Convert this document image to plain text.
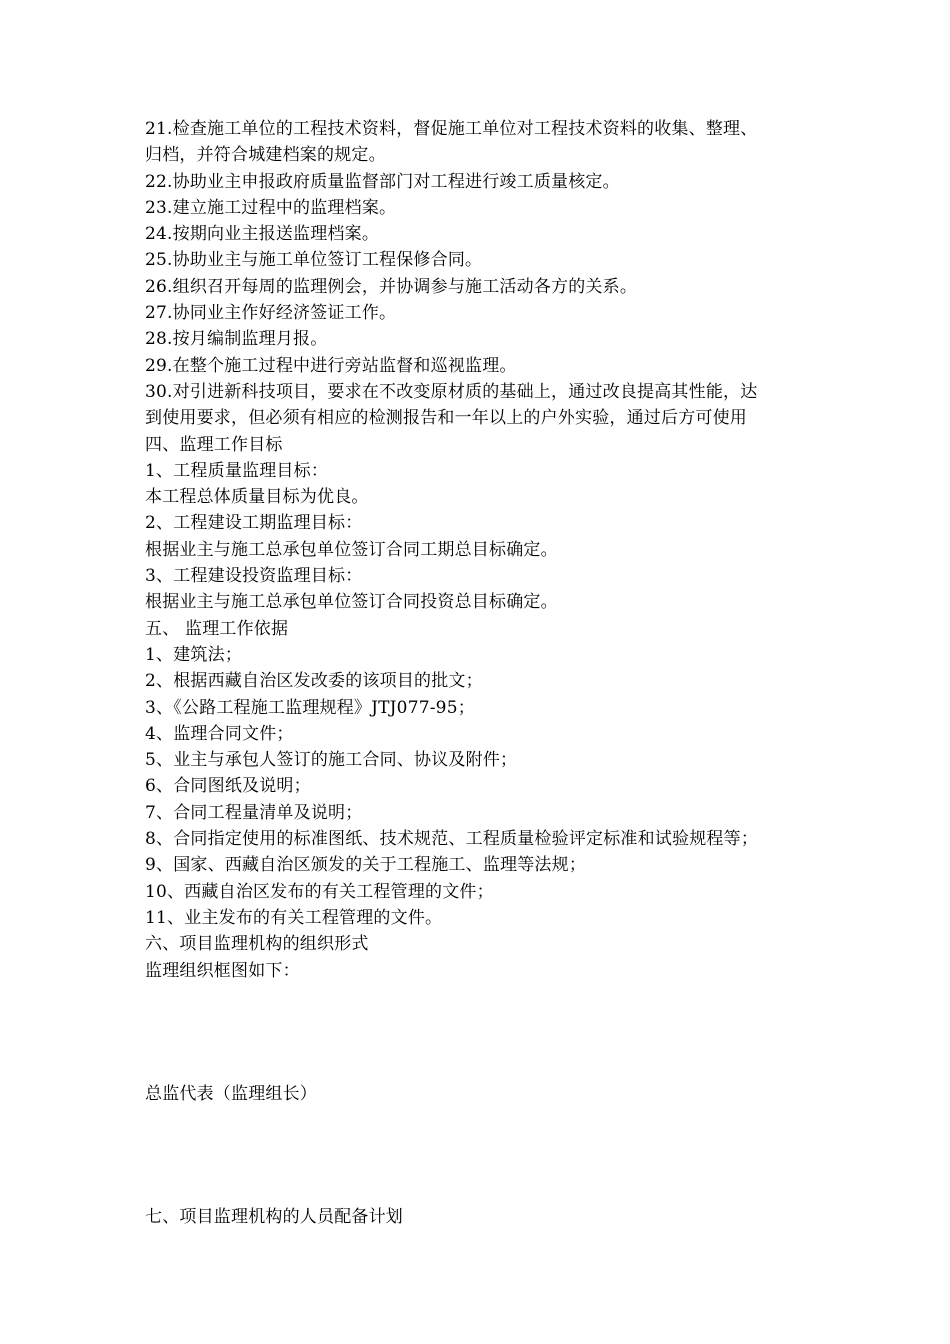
21.检查施工单位的工程技术资料，督促施工单位对工程技术资料的收集、整理、
归档，并符合城建档案的规定。
22.协助业主申报政府质量监督部门对工程进行竣工质量核定。
23.建立施工过程中的监理档案。
24.按期向业主报送监理档案。
25.协助业主与施工单位签订工程保修合同。
26.组织召开每周的监理例会，并协调参与施工活动各方的关系。
27.协同业主作好经济签证工作。
28.按月编制监理月报。
29.在整个施工过程中进行旁站监督和巡视监理。
30.对引进新科技项目，要求在不改变原材质的基础上，通过改良提高其性能，达
到使用要求，但必须有相应的检测报告和一年以上的户外实验，通过后方可使用
四、监理工作目标
1、工程质量监理目标：
本工程总体质量目标为优良。
2、工程建设工期监理目标：
根据业主与施工总承包单位签订合同工期总目标确定。
3、工程建设投资监理目标：
根据业主与施工总承包单位签订合同投资总目标确定。
五、 监理工作依据
1、建筑法；
2、根据西藏自治区发改委的该项目的批文；
3、《公路工程施工监理规程》JTJ077-95；
4、监理合同文件；
5、业主与承包人签订的施工合同、协议及附件；
6、合同图纸及说明；
7、合同工程量清单及说明；
8、合同指定使用的标准图纸、技术规范、工程质量检验评定标准和试验规程等；
9、国家、西藏自治区颁发的关于工程施工、监理等法规；
10、西藏自治区发布的有关工程管理的文件；
11、业主发布的有关工程管理的文件。
六、项目监理机构的组织形式
监理组织框图如下：
总监代表（监理组长）
七、项目监理机构的人员配备计划
